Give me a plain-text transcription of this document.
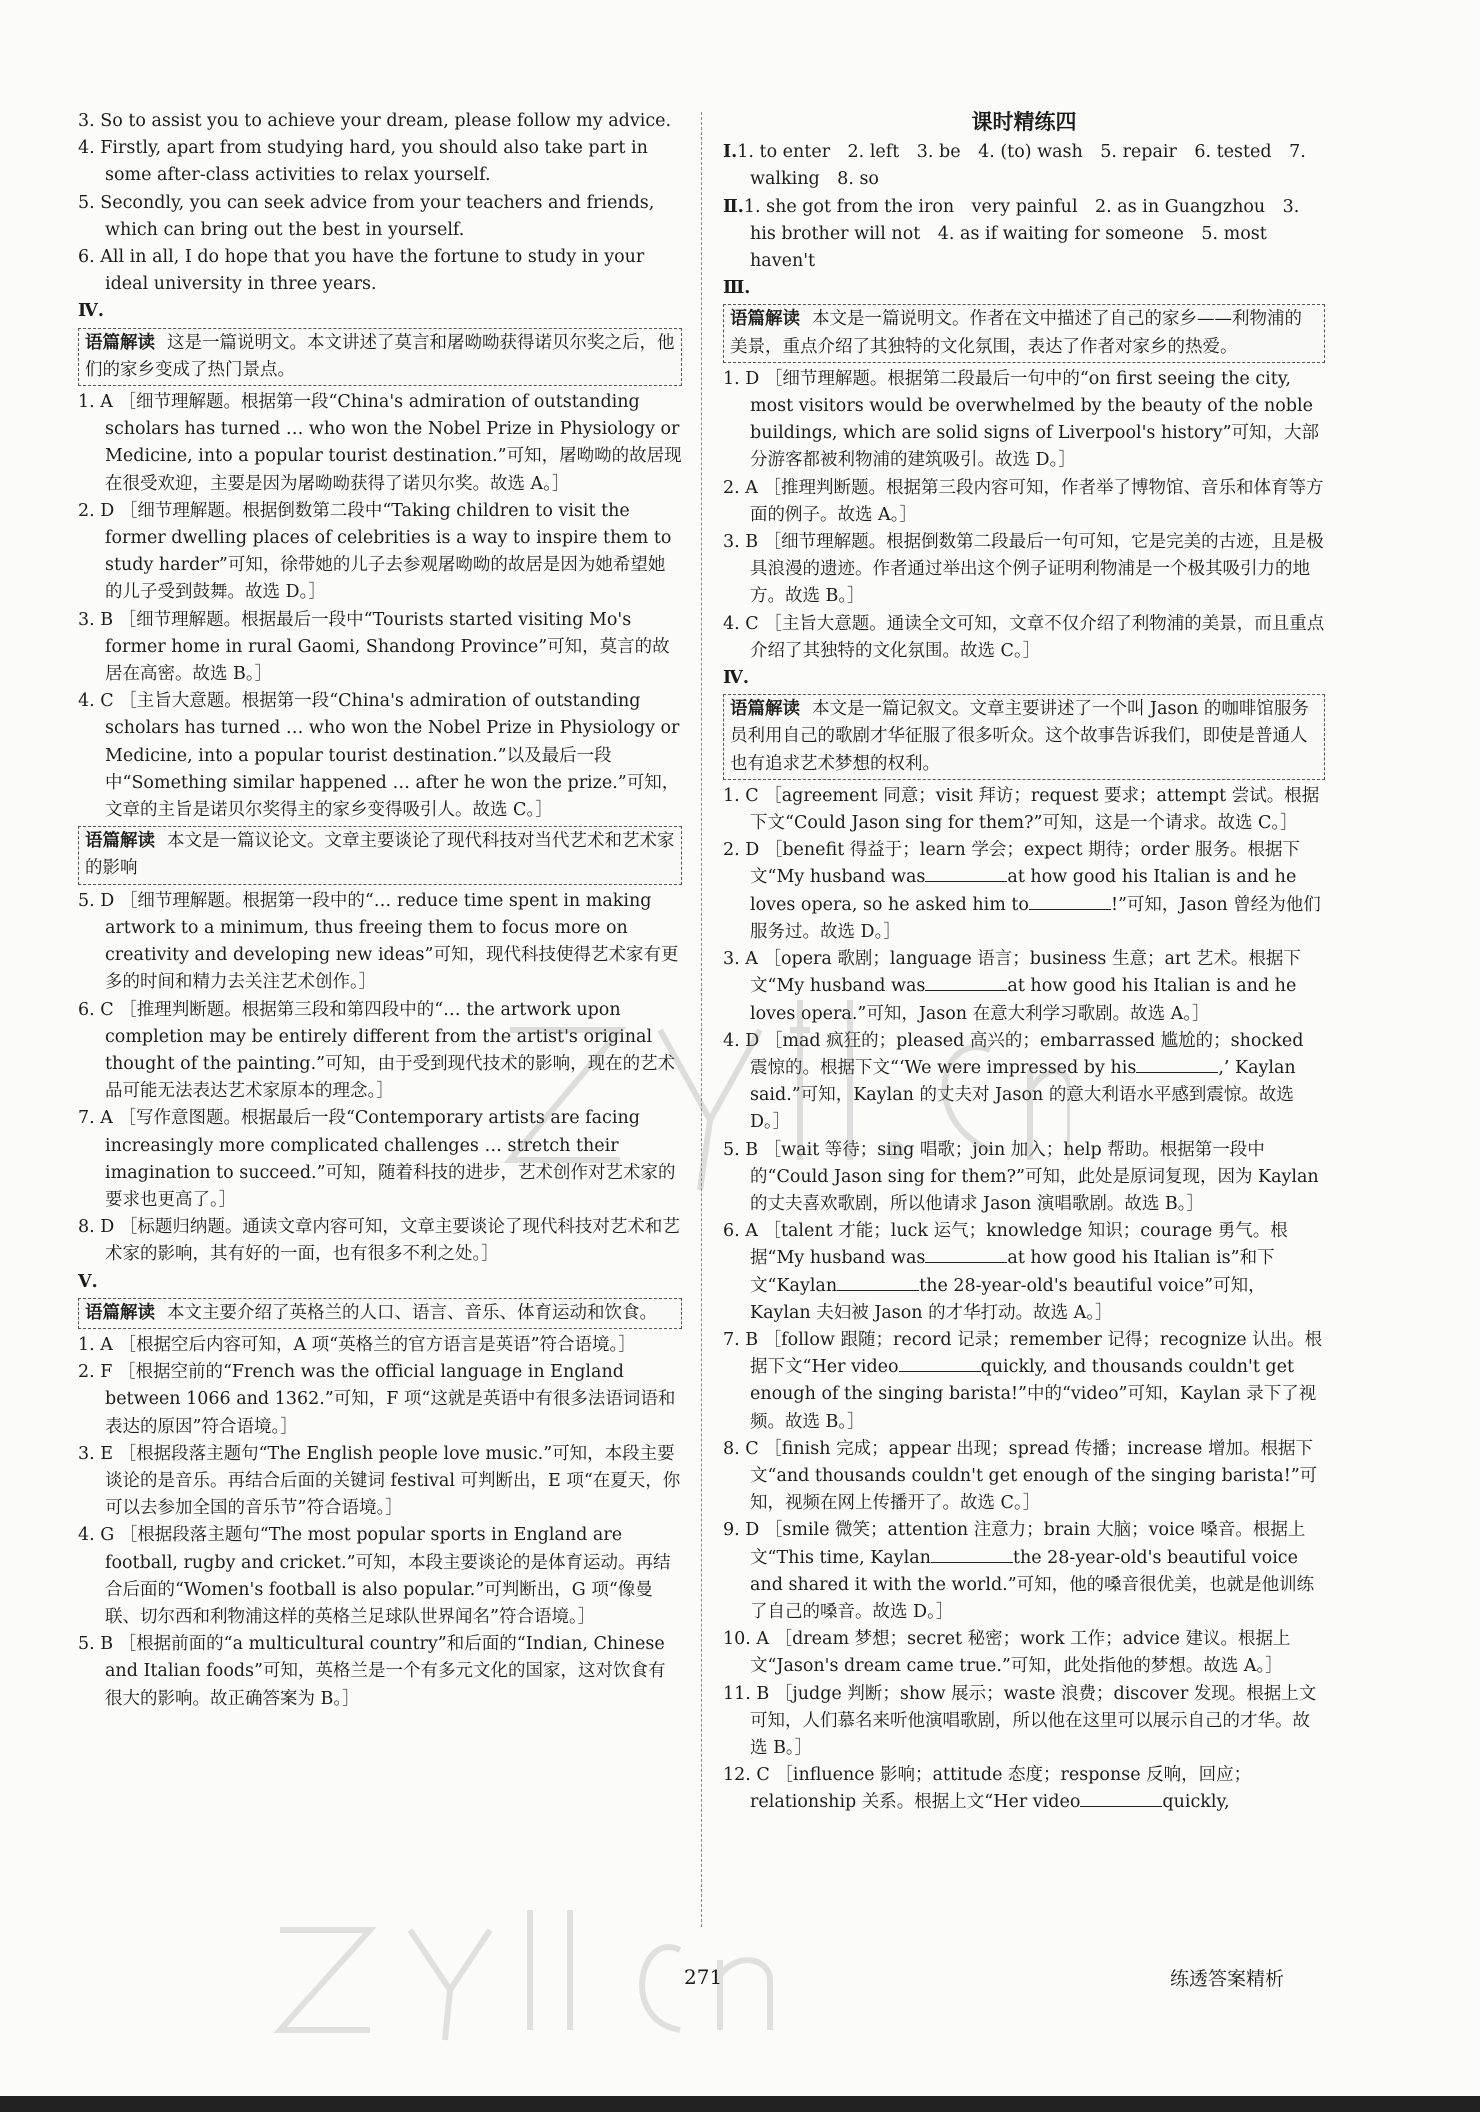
3. So to assist you to achieve your dream, please follow my advice.

4. Firstly, apart from studying hard, you should also take part in some after-class activities to relax yourself.

5. Secondly, you can seek advice from your teachers and friends, which can bring out the best in yourself.

6. All in all, I do hope that you have the fortune to study in your ideal university in three years.

Ⅳ.

语篇解读 这是一篇说明文。本文讲述了莫言和屠呦呦获得诺贝尔奖之后，他们的家乡变成了热门景点。

1. A ［细节理解题。根据第一段“China's admiration of outstanding scholars has turned … who won the Nobel Prize in Physiology or Medicine, into a popular tourist destination.”可知，屠呦呦的故居现在很受欢迎，主要是因为屠呦呦获得了诺贝尔奖。故选 A。］

2. D ［细节理解题。根据倒数第二段中“Taking children to visit the former dwelling places of celebrities is a way to inspire them to study harder”可知，徐带她的儿子去参观屠呦呦的故居是因为她希望她的儿子受到鼓舞。故选 D。］

3. B ［细节理解题。根据最后一段中“Tourists started visiting Mo's former home in rural Gaomi, Shandong Province”可知，莫言的故居在高密。故选 B。］

4. C ［主旨大意题。根据第一段“China's admiration of outstanding scholars has turned … who won the Nobel Prize in Physiology or Medicine, into a popular tourist destination.”以及最后一段中“Something similar happened … after he won the prize.”可知，文章的主旨是诺贝尔奖得主的家乡变得吸引人。故选 C。］

语篇解读 本文是一篇议论文。文章主要谈论了现代科技对当代艺术和艺术家的影响

5. D ［细节理解题。根据第一段中的“… reduce time spent in making artwork to a minimum, thus freeing them to focus more on creativity and developing new ideas”可知，现代科技使得艺术家有更多的时间和精力去关注艺术创作。］

6. C ［推理判断题。根据第三段和第四段中的“… the artwork upon completion may be entirely different from the artist's original thought of the painting.”可知，由于受到现代技术的影响，现在的艺术品可能无法表达艺术家原本的理念。］

7. A ［写作意图题。根据最后一段“Contemporary artists are facing increasingly more complicated challenges … stretch their imagination to succeed.”可知，随着科技的进步，艺术创作对艺术家的要求也更高了。］

8. D ［标题归纳题。通读文章内容可知，文章主要谈论了现代科技对艺术和艺术家的影响，其有好的一面，也有很多不利之处。］

Ⅴ.

语篇解读 本文主要介绍了英格兰的人口、语言、音乐、体育运动和饮食。

1. A ［根据空后内容可知，A 项“英格兰的官方语言是英语”符合语境。］

2. F ［根据空前的“French was the official language in England between 1066 and 1362.”可知，F 项“这就是英语中有很多法语词语和表达的原因”符合语境。］

3. E ［根据段落主题句“The English people love music.”可知，本段主要谈论的是音乐。再结合后面的关键词 festival 可判断出，E 项“在夏天，你可以去参加全国的音乐节”符合语境。］

4. G ［根据段落主题句“The most popular sports in England are football, rugby and cricket.”可知，本段主要谈论的是体育运动。再结合后面的“Women's football is also popular.”可判断出，G 项“像曼联、切尔西和利物浦这样的英格兰足球队世界闻名”符合语境。］

5. B ［根据前面的“a multicultural country”和后面的“Indian, Chinese and Italian foods”可知，英格兰是一个有多元文化的国家，这对饮食有很大的影响。故正确答案为 B。］

课时精练四

Ⅰ.1. to enter　2. left　3. be　4. (to) wash　5. repair　6. tested　7. walking　8. so

Ⅱ.1. she got from the iron　very painful　2. as in Guangzhou　3. his brother will not　4. as if waiting for someone　5. most haven't

Ⅲ.

语篇解读 本文是一篇说明文。作者在文中描述了自己的家乡——利物浦的美景，重点介绍了其独特的文化氛围，表达了作者对家乡的热爱。

1. D ［细节理解题。根据第二段最后一句中的“on first seeing the city, most visitors would be overwhelmed by the beauty of the noble buildings, which are solid signs of Liverpool's history”可知，大部分游客都被利物浦的建筑吸引。故选 D。］

2. A ［推理判断题。根据第三段内容可知，作者举了博物馆、音乐和体育等方面的例子。故选 A。］

3. B ［细节理解题。根据倒数第二段最后一句可知，它是完美的古迹，且是极具浪漫的遗迹。作者通过举出这个例子证明利物浦是一个极其吸引力的地方。故选 B。］

4. C ［主旨大意题。通读全文可知，文章不仅介绍了利物浦的美景，而且重点介绍了其独特的文化氛围。故选 C。］

Ⅳ.

语篇解读 本文是一篇记叙文。文章主要讲述了一个叫 Jason 的咖啡馆服务员利用自己的歌剧才华征服了很多听众。这个故事告诉我们，即使是普通人也有追求艺术梦想的权利。

1. C ［agreement 同意；visit 拜访；request 要求；attempt 尝试。根据下文“Could Jason sing for them?”可知，这是一个请求。故选 C。］

2. D ［benefit 得益于；learn 学会；expect 期待；order 服务。根据下文“My husband was	at how good his Italian is and he loves opera, so he asked him to	!”可知，Jason 曾经为他们服务过。故选 D。］

3. A ［opera 歌剧；language 语言；business 生意；art 艺术。根据下文“My husband was	at how good his Italian is and he loves opera.”可知，Jason 在意大利学习歌剧。故选 A。］

4. D ［mad 疯狂的；pleased 高兴的；embarrassed 尴尬的；shocked 震惊的。根据下文“‘We were impressed by his	,’ Kaylan said.”可知，Kaylan 的丈夫对 Jason 的意大利语水平感到震惊。故选 D。］

5. B ［wait 等待；sing 唱歌；join 加入；help 帮助。根据第一段中的“Could Jason sing for them?”可知，此处是原词复现，因为 Kaylan 的丈夫喜欢歌剧，所以他请求 Jason 演唱歌剧。故选 B。］

6. A ［talent 才能；luck 运气；knowledge 知识；courage 勇气。根据“My husband was	at how good his Italian is”和下文“Kaylan	the 28-year-old's beautiful voice”可知，Kaylan 夫妇被 Jason 的才华打动。故选 A。］

7. B ［follow 跟随；record 记录；remember 记得；recognize 认出。根据下文“Her video	quickly, and thousands couldn't get enough of the singing barista!”中的“video”可知，Kaylan 录下了视频。故选 B。］

8. C ［finish 完成；appear 出现；spread 传播；increase 增加。根据下文“and thousands couldn't get enough of the singing barista!”可知，视频在网上传播开了。故选 C。］

9. D ［smile 微笑；attention 注意力；brain 大脑；voice 嗓音。根据上文“This time, Kaylan	the 28-year-old's beautiful voice and shared it with the world.”可知，他的嗓音很优美，也就是他训练了自己的嗓音。故选 D。］

10. A ［dream 梦想；secret 秘密；work 工作；advice 建议。根据上文“Jason's dream came true.”可知，此处指他的梦想。故选 A。］

11. B ［judge 判断；show 展示；waste 浪费；discover 发现。根据上文可知，人们慕名来听他演唱歌剧，所以他在这里可以展示自己的才华。故选 B。］

12. C ［influence 影响；attitude 态度；response 反响，回应；relationship 关系。根据上文“Her video	quickly,

271	练透答案精析
